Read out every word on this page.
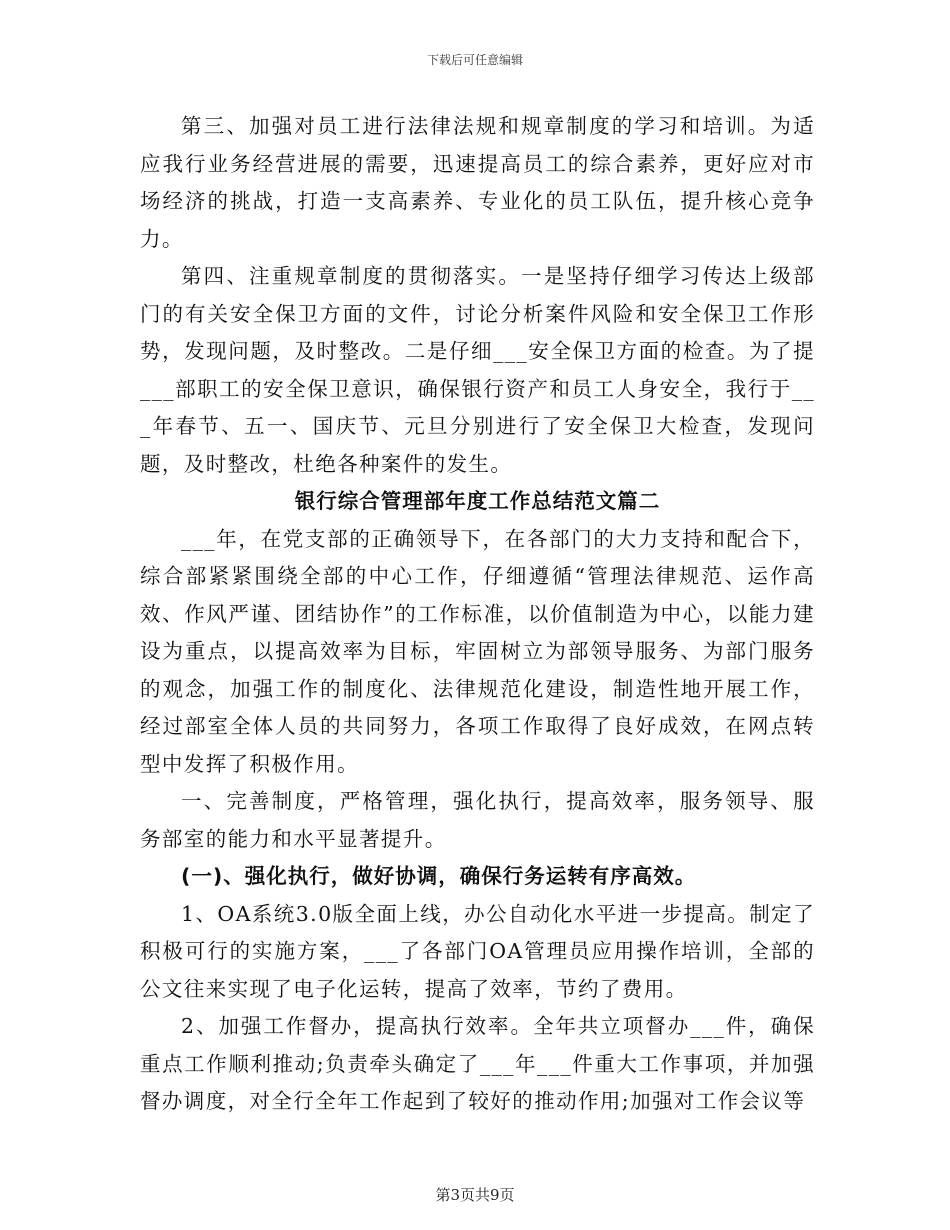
下载后可任意编辑

第三、加强对员工进行法律法规和规章制度的学习和培训。为适应我行业务经营进展的需要，迅速提高员工的综合素养，更好应对市场经济的挑战，打造一支高素养、专业化的员工队伍，提升核心竞争力。

第四、注重规章制度的贯彻落实。一是坚持仔细学习传达上级部门的有关安全保卫方面的文件，讨论分析案件风险和安全保卫工作形势，发现问题，及时整改。二是仔细___安全保卫方面的检查。为了提___部职工的安全保卫意识，确保银行资产和员工人身安全，我行于___年春节、五一、国庆节、元旦分别进行了安全保卫大检查，发现问题，及时整改，杜绝各种案件的发生。

银行综合管理部年度工作总结范文篇二

___年，在党支部的正确领导下，在各部门的大力支持和配合下，综合部紧紧围绕全部的中心工作，仔细遵循“管理法律规范、运作高效、作风严谨、团结协作”的工作标准，以价值制造为中心，以能力建设为重点，以提高效率为目标，牢固树立为部领导服务、为部门服务的观念，加强工作的制度化、法律规范化建设，制造性地开展工作，经过部室全体人员的共同努力，各项工作取得了良好成效，在网点转型中发挥了积极作用。

一、完善制度，严格管理，强化执行，提高效率，服务领导、服务部室的能力和水平显著提升。

(一)、强化执行，做好协调，确保行务运转有序高效。

1、OA系统3.0版全面上线，办公自动化水平进一步提高。制定了积极可行的实施方案，___了各部门OA管理员应用操作培训，全部的公文往来实现了电子化运转，提高了效率，节约了费用。

2、加强工作督办，提高执行效率。全年共立项督办___件，确保重点工作顺利推动;负责牵头确定了___年___件重大工作事项，并加强督办调度，对全行全年工作起到了较好的推动作用;加强对工作会议等

第3页共9页
